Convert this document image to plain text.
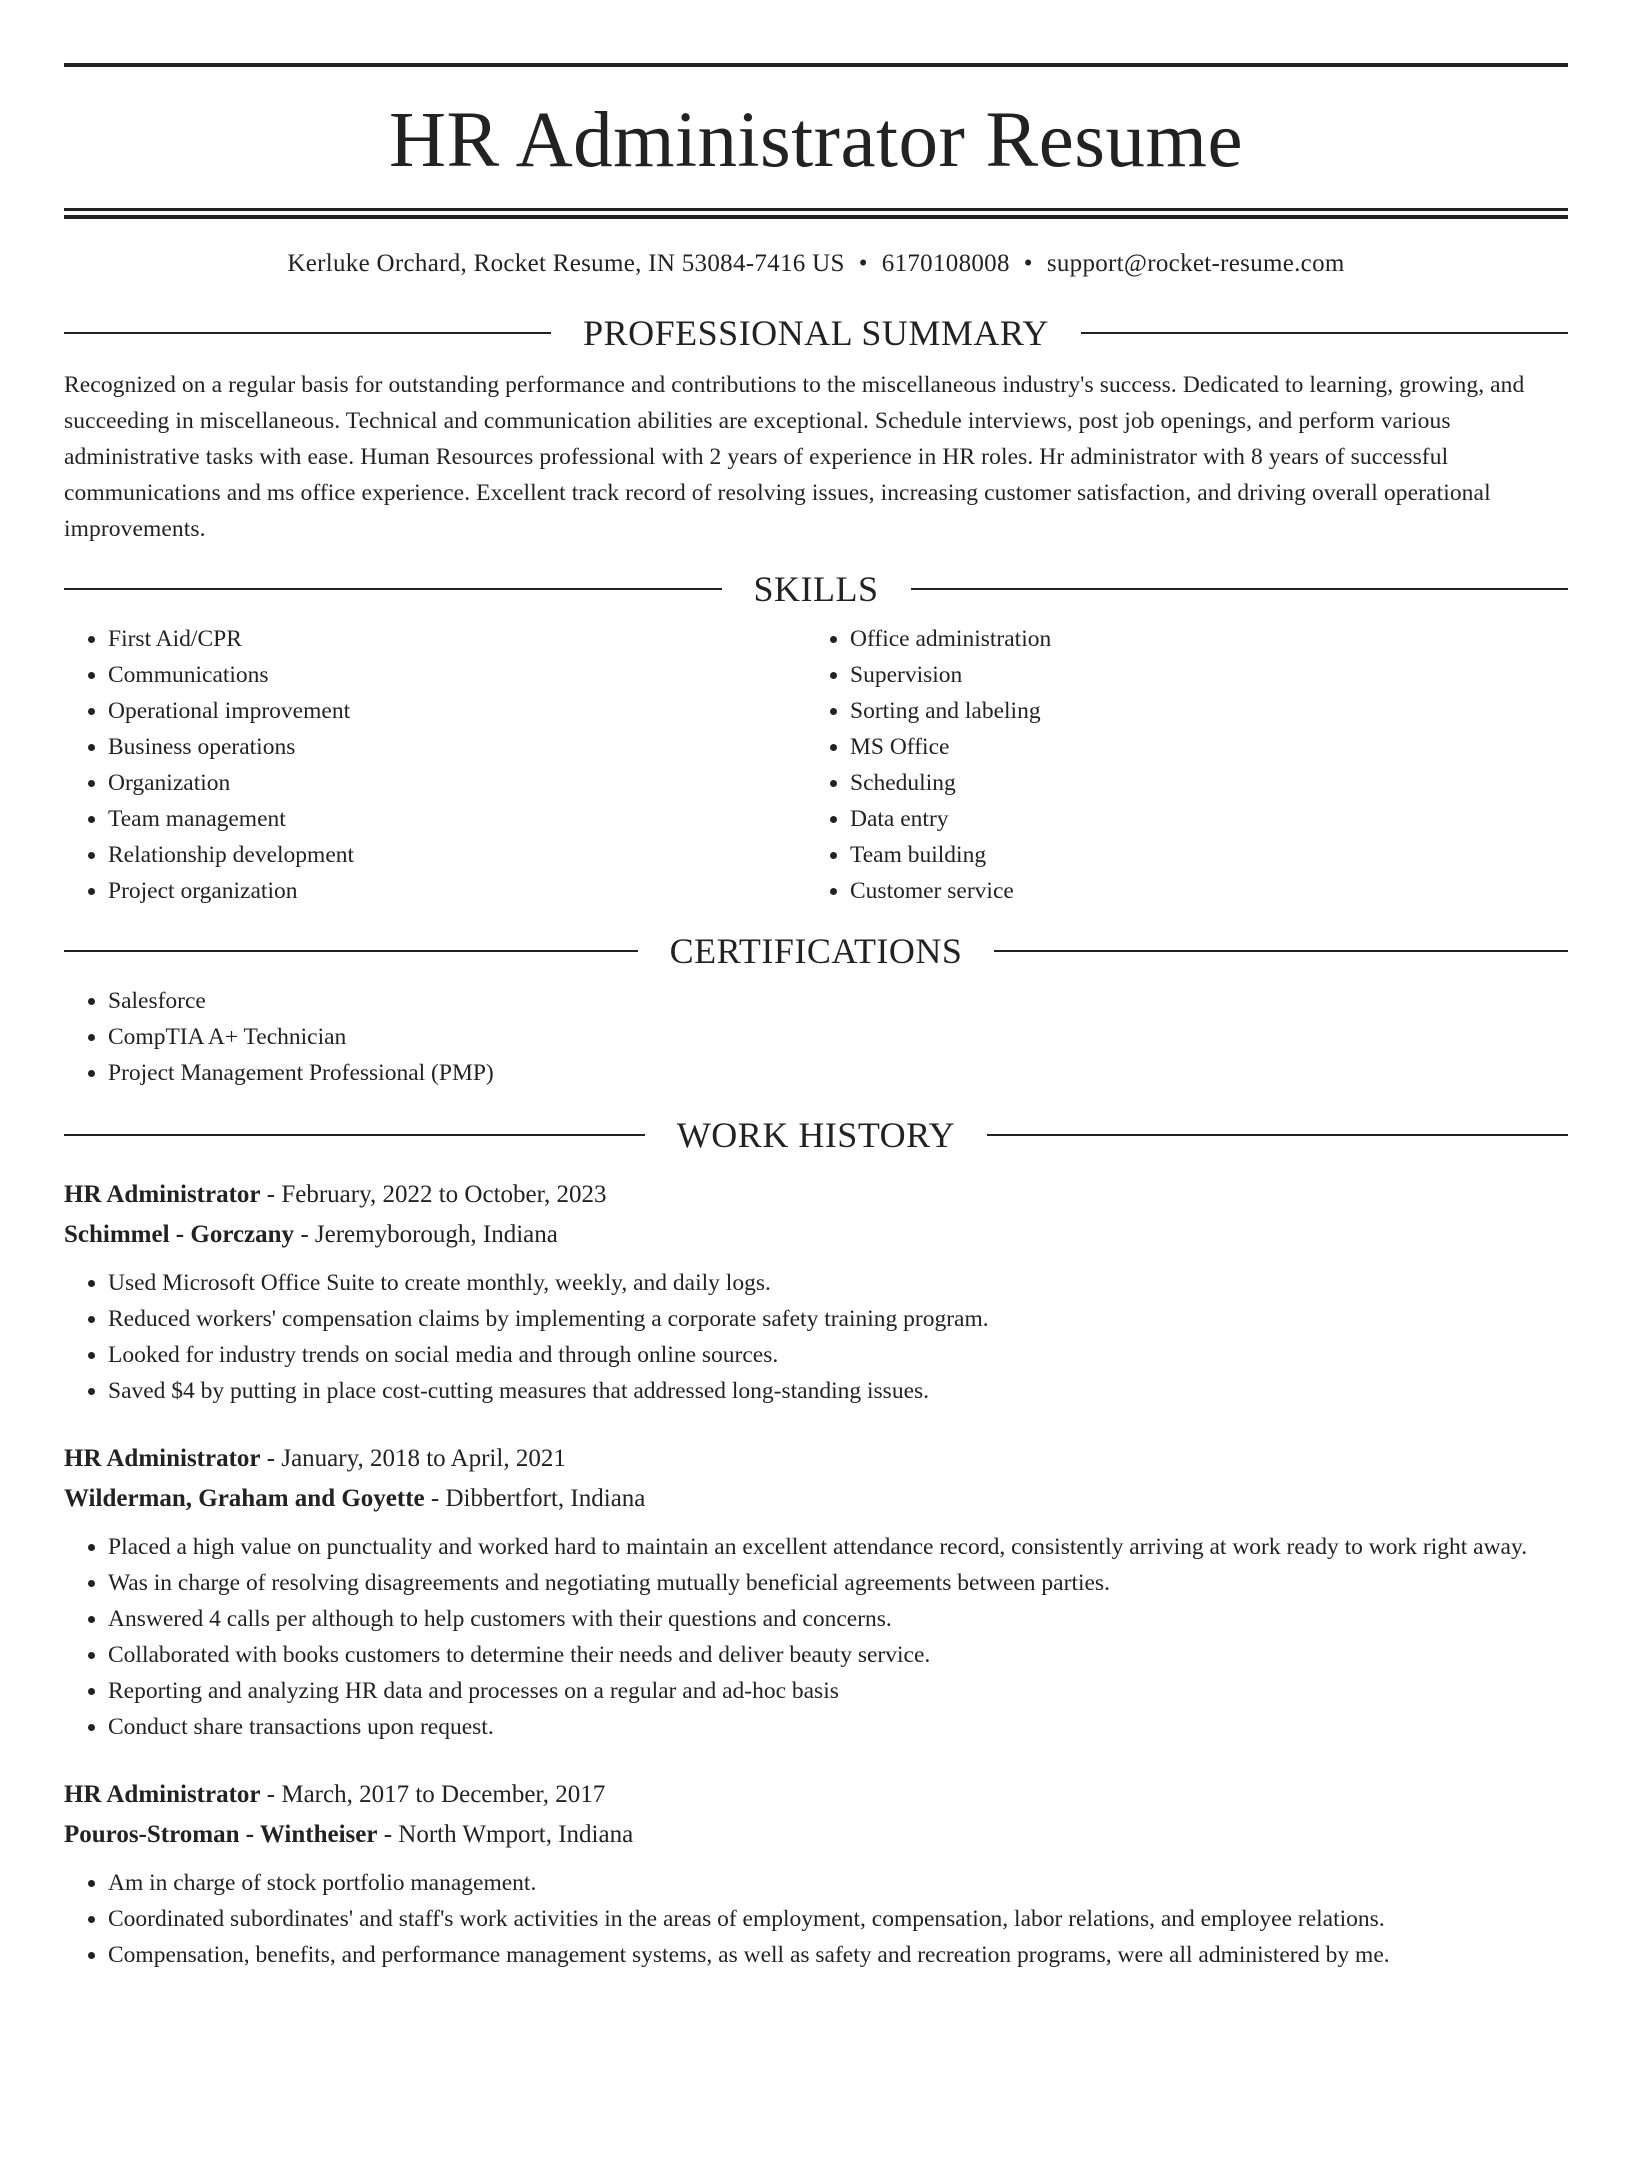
HR Administrator Resume
Kerluke Orchard, Rocket Resume, IN 53084-7416 US • 6170108008 • support@rocket-resume.com
PROFESSIONAL SUMMARY

Recognized on a regular basis for outstanding performance and contributions to the miscellaneous industry's success. Dedicated to learning, growing, and succeeding in miscellaneous. Technical and communication abilities are exceptional. Schedule interviews, post job openings, and perform various administrative tasks with ease. Human Resources professional with 2 years of experience in HR roles. Hr administrator with 8 years of successful communications and ms office experience. Excellent track record of resolving issues, increasing customer satisfaction, and driving overall operational improvements.

SKILLS
• First Aid/CPR
• Communications
• Operational improvement
• Business operations
• Organization
• Team management
• Relationship development
• Project organization
• Office administration
• Supervision
• Sorting and labeling
• MS Office
• Scheduling
• Data entry
• Team building
• Customer service
CERTIFICATIONS
• Salesforce
• CompTIA A+ Technician
• Project Management Professional (PMP)
WORK HISTORY
HR Administrator - February, 2022 to October, 2023
Schimmel - Gorczany - Jeremyborough, Indiana
• Used Microsoft Office Suite to create monthly, weekly, and daily logs.
• Reduced workers' compensation claims by implementing a corporate safety training program.
• Looked for industry trends on social media and through online sources.
• Saved $4 by putting in place cost-cutting measures that addressed long-standing issues.
HR Administrator - January, 2018 to April, 2021
Wilderman, Graham and Goyette - Dibbertfort, Indiana
• Placed a high value on punctuality and worked hard to maintain an excellent attendance record, consistently arriving at work ready to work right away.
• Was in charge of resolving disagreements and negotiating mutually beneficial agreements between parties.
• Answered 4 calls per although to help customers with their questions and concerns.
• Collaborated with books customers to determine their needs and deliver beauty service.
• Reporting and analyzing HR data and processes on a regular and ad-hoc basis
• Conduct share transactions upon request.
HR Administrator - March, 2017 to December, 2017
Pouros-Stroman - Wintheiser - North Wmport, Indiana
• Am in charge of stock portfolio management.
• Coordinated subordinates' and staff's work activities in the areas of employment, compensation, labor relations, and employee relations.
• Compensation, benefits, and performance management systems, as well as safety and recreation programs, were all administered by me.
